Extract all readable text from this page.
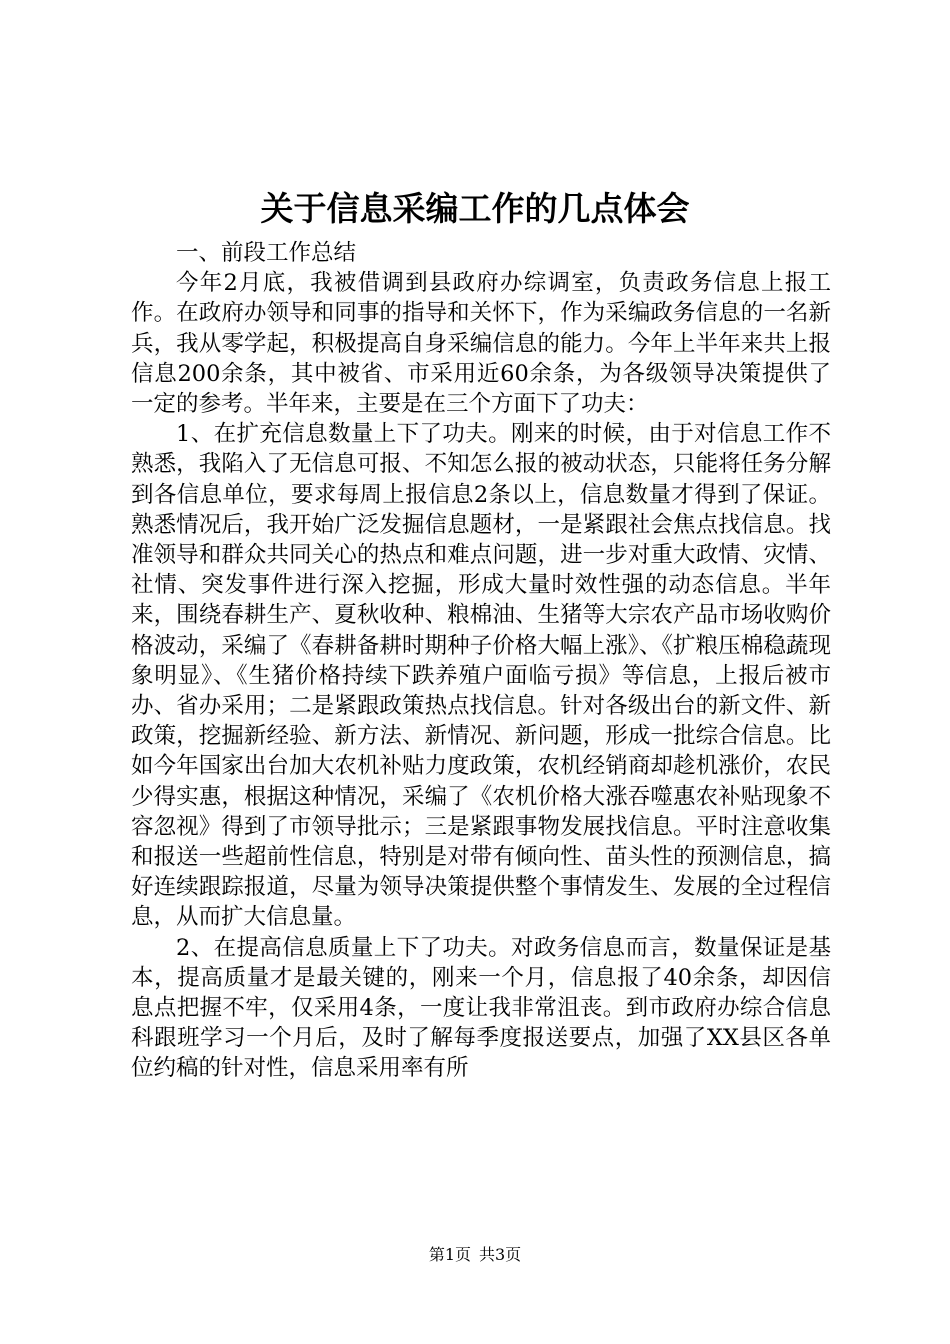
关于信息采编工作的几点体会

一、前段工作总结

今年2月底，我被借调到县政府办综调室，负责政务信息上报工作。在政府办领导和同事的指导和关怀下，作为采编政务信息的一名新兵，我从零学起，积极提高自身采编信息的能力。今年上半年来共上报信息200余条，其中被省、市采用近60余条，为各级领导决策提供了一定的参考。半年来，主要是在三个方面下了功夫：

1、在扩充信息数量上下了功夫。刚来的时候，由于对信息工作不熟悉，我陷入了无信息可报、不知怎么报的被动状态，只能将任务分解到各信息单位，要求每周上报信息2条以上，信息数量才得到了保证。熟悉情况后，我开始广泛发掘信息题材，一是紧跟社会焦点找信息。找准领导和群众共同关心的热点和难点问题，进一步对重大政情、灾情、社情、突发事件进行深入挖掘，形成大量时效性强的动态信息。半年来，围绕春耕生产、夏秋收种、粮棉油、生猪等大宗农产品市场收购价格波动，采编了《春耕备耕时期种子价格大幅上涨》、《扩粮压棉稳蔬现象明显》、《生猪价格持续下跌养殖户面临亏损》等信息，上报后被市办、省办采用；二是紧跟政策热点找信息。针对各级出台的新文件、新政策，挖掘新经验、新方法、新情况、新问题，形成一批综合信息。比如今年国家出台加大农机补贴力度政策，农机经销商却趁机涨价，农民少得实惠，根据这种情况，采编了《农机价格大涨吞噬惠农补贴现象不容忽视》得到了市领导批示；三是紧跟事物发展找信息。平时注意收集和报送一些超前性信息，特别是对带有倾向性、苗头性的预测信息，搞好连续跟踪报道，尽量为领导决策提供整个事情发生、发展的全过程信息，从而扩大信息量。

2、在提高信息质量上下了功夫。对政务信息而言，数量保证是基本，提高质量才是最关键的，刚来一个月，信息报了40余条，却因信息点把握不牢，仅采用4条，一度让我非常沮丧。到市政府办综合信息科跟班学习一个月后，及时了解每季度报送要点，加强了XX县区各单位约稿的针对性，信息采用率有所

第1页 共3页
